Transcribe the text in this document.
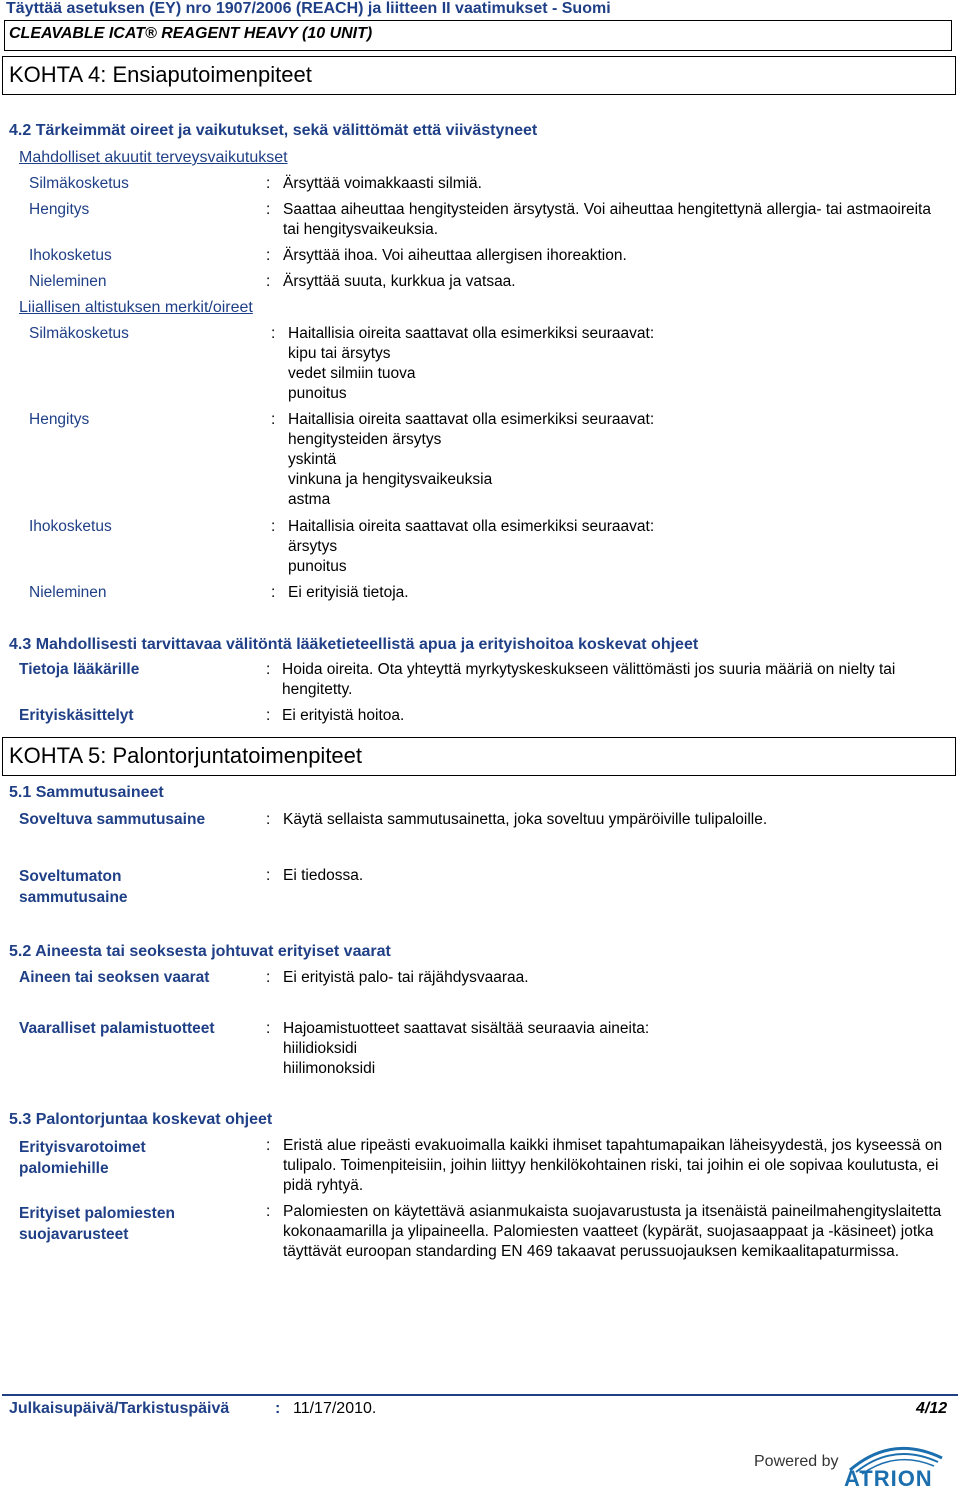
Täyttää asetuksen (EY) nro 1907/2006 (REACH) ja liitteen II vaatimukset - Suomi
CLEAVABLE ICAT® REAGENT HEAVY (10 UNIT)
KOHTA 4: Ensiaputoimenpiteet
4.2 Tärkeimmät oireet ja vaikutukset, sekä välittömät että viivästyneet
Mahdolliset akuutit terveysvaikutukset
Silmäkosketus	: Ärsyttää voimakkaasti silmiä.
Hengitys	: Saattaa aiheuttaa hengitysteiden ärsytystä. Voi aiheuttaa hengitettynä allergia- tai astmaoireita tai hengitysvaikeuksia.
Ihokosketus	: Ärsyttää ihoa. Voi aiheuttaa allergisen ihoreaktion.
Nieleminen	: Ärsyttää suuta, kurkkua ja vatsaa.
Liiallisen altistuksen merkit/oireet
Silmäkosketus	: Haitallisia oireita saattavat olla esimerkiksi seuraavat:
kipu tai ärsytys
vedet silmiin tuova
punoitus
Hengitys	: Haitallisia oireita saattavat olla esimerkiksi seuraavat:
hengitysteiden ärsytys
yskintä
vinkuna ja hengitysvaikeuksia
astma
Ihokosketus	: Haitallisia oireita saattavat olla esimerkiksi seuraavat:
ärsytys
punoitus
Nieleminen	: Ei erityisiä tietoja.
4.3 Mahdollisesti tarvittavaa välitöntä lääketieteellistä apua ja erityishoitoa koskevat ohjeet
Tietoja lääkärille	: Hoida oireita. Ota yhteyttä myrkytyskeskukseen välittömästi jos suuria määriä on nielty tai hengitetty.
Erityiskäsittelyt	: Ei erityistä hoitoa.
KOHTA 5: Palontorjuntatoimenpiteet
5.1 Sammutusaineet
Soveltuva sammutusaine	: Käytä sellaista sammutusainetta, joka soveltuu ympäröiville tulipaloille.
Soveltumaton sammutusaine
: Ei tiedossa.
5.2 Aineesta tai seoksesta johtuvat erityiset vaarat
Aineen tai seoksen vaarat	: Ei erityistä palo- tai räjähdysvaaraa.
Vaaralliset palamistuotteet	: Hajoamistuotteet saattavat sisältää seuraavia aineita:
hiilidioksidi
hiilimonoksidi
5.3 Palontorjuntaa koskevat ohjeet
Erityisvarotoimet palomiehille
: Eristä alue ripeästi evakuoimalla kaikki ihmiset tapahtumapaikan läheisyydestä, jos kyseessä on tulipalo. Toimenpiteisiin, joihin liittyy henkilökohtainen riski, tai joihin ei ole sopivaa koulutusta, ei pidä ryhtyä.
Erityiset palomiesten suojavarusteet
: Palomiesten on käytettävä asianmukaista suojavarustusta ja itsenäistä paineilmahengityslaitetta kokonaamarilla ja ylipaineella. Palomiesten vaatteet (kypärät, suojasaappaat ja -käsineet) jotka täyttävät euroopan standarding EN 469 takaavat perussuojauksen kemikaalitapaturmissa.
Julkaisupäivä/Tarkistuspäivä	: 11/17/2010.	4/12
Powered by
ATRION
